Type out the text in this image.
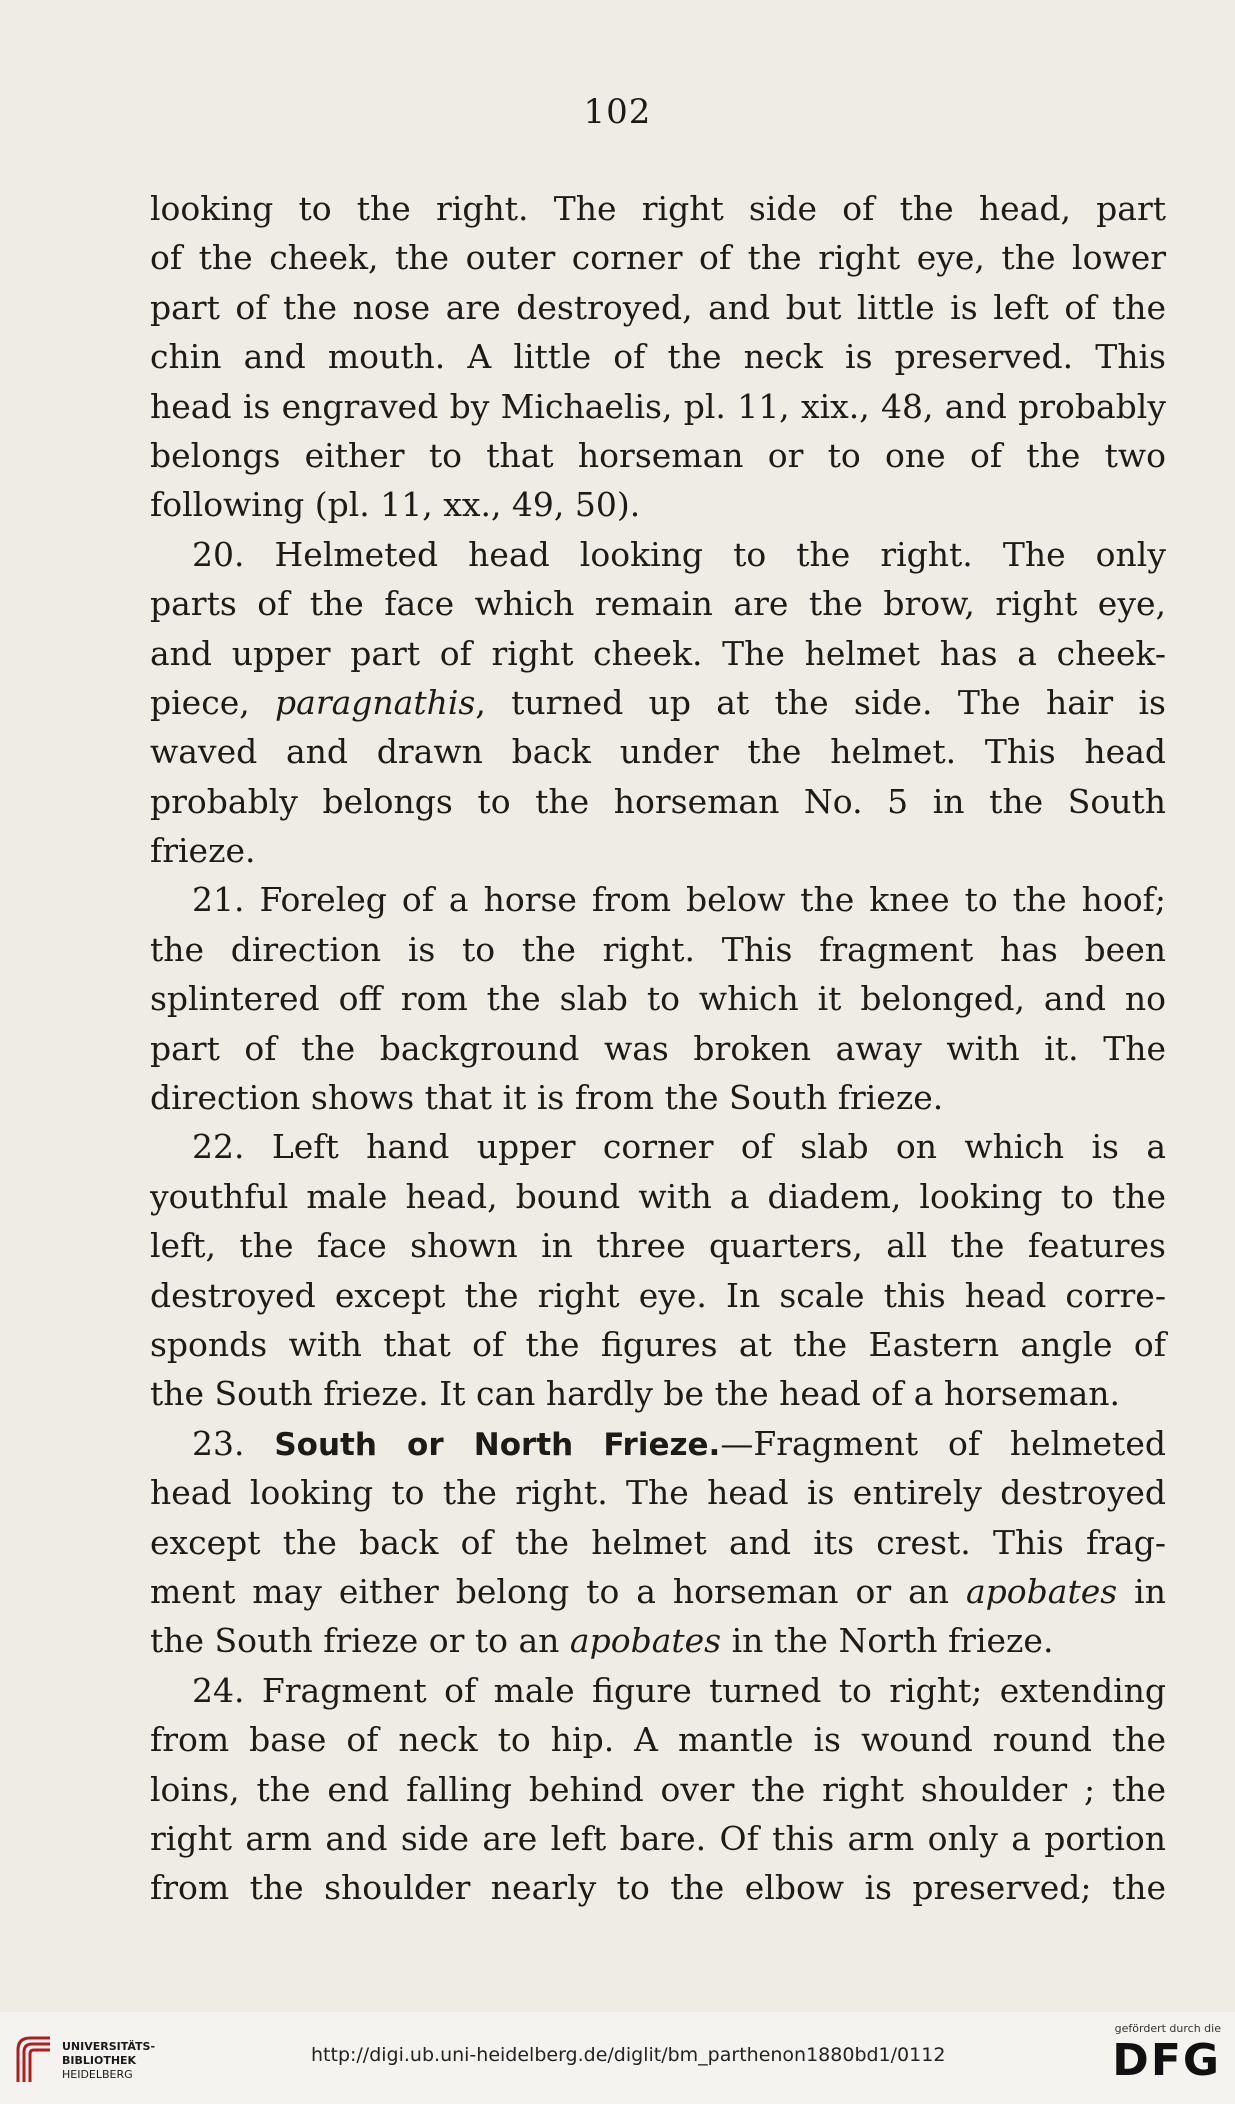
102
looking to the right. The right side of the head, part
of the cheek, the outer corner of the right eye, the lower
part of the nose are destroyed, and but little is left of the
chin and mouth. A little of the neck is preserved. This
head is engraved by Michaelis, pl. 11, xix., 48, and probably
belongs either to that horseman or to one of the two
following (pl. 11, xx., 49, 50).
20. Helmeted head looking to the right. The only
parts of the face which remain are the brow, right eye,
and upper part of right cheek. The helmet has a cheek-
piece, paragnathis, turned up at the side. The hair is
waved and drawn back under the helmet. This head
probably belongs to the horseman No. 5 in the South
frieze.
21. Foreleg of a horse from below the knee to the hoof;
the direction is to the right. This fragment has been
splintered off rom the slab to which it belonged, and no
part of the background was broken away with it. The
direction shows that it is from the South frieze.
22. Left hand upper corner of slab on which is a
youthful male head, bound with a diadem, looking to the
left, the face shown in three quarters, all the features
destroyed except the right eye. In scale this head corre-
sponds with that of the figures at the Eastern angle of
the South frieze. It can hardly be the head of a horseman.
23. South or North Frieze.—Fragment of helmeted
head looking to the right. The head is entirely destroyed
except the back of the helmet and its crest. This frag-
ment may either belong to a horseman or an apobates in
the South frieze or to an apobates in the North frieze.
24. Fragment of male figure turned to right; extending
from base of neck to hip. A mantle is wound round the
loins, the end falling behind over the right shoulder ; the
right arm and side are left bare. Of this arm only a portion
from the shoulder nearly to the elbow is preserved; the
UNIVERSITÄTS-
BIBLIOTHEK
HEIDELBERG
http://digi.ub.uni-heidelberg.de/diglit/bm_parthenon1880bd1/0112
gefördert durch die
DFG
